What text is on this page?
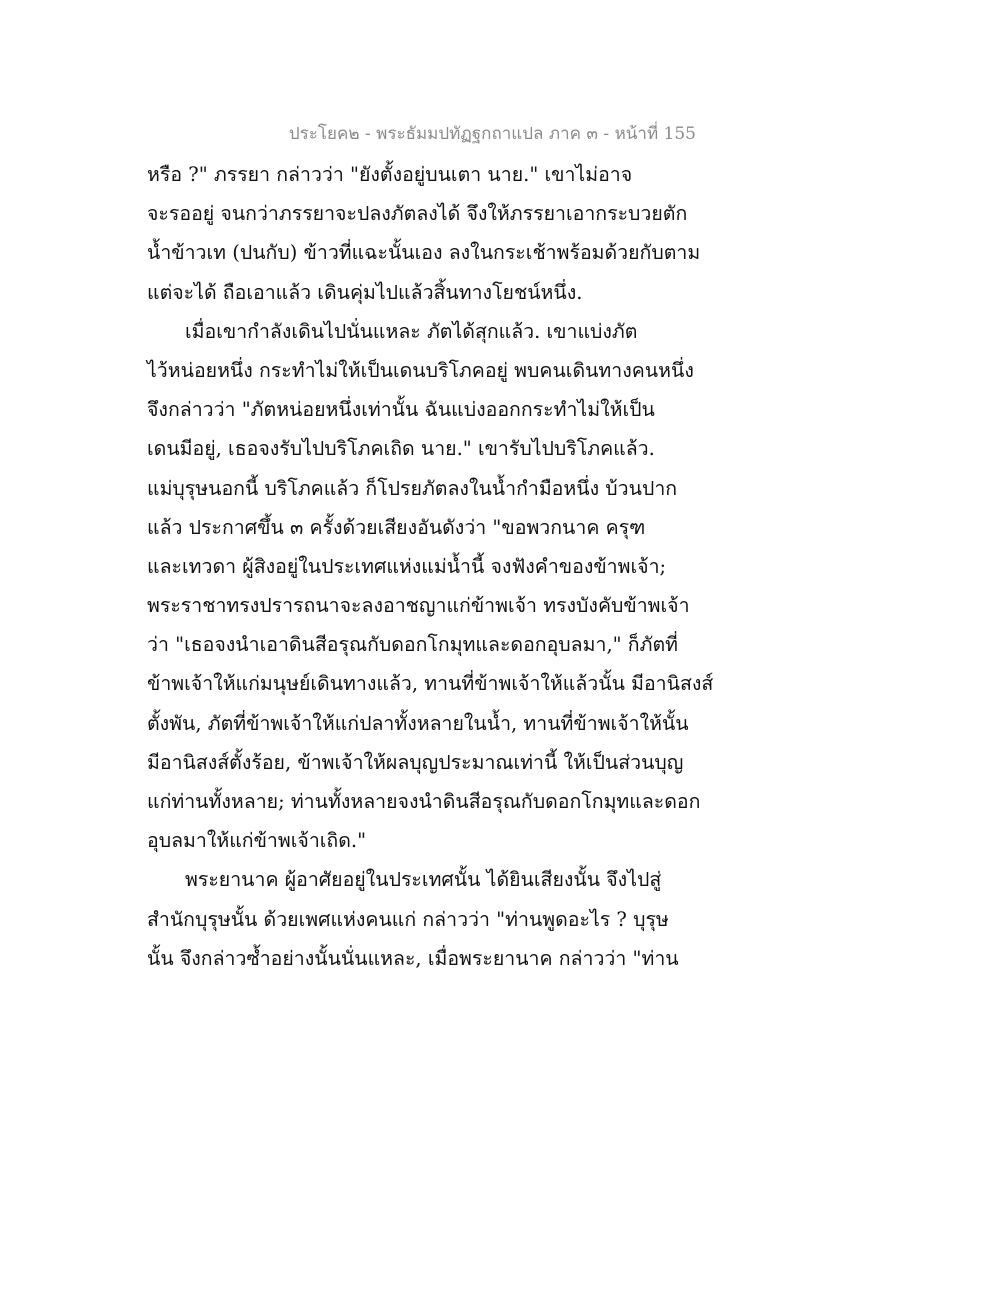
ประโยค๒ - พระธัมมปทัฏฐกถาแปล ภาค ๓ - หน้าที่ 155
หรือ ?" ภรรยา กล่าวว่า "ยังตั้งอยู่บนเตา นาย." เขาไม่อาจ
จะรออยู่ จนกว่าภรรยาจะปลงภัตลงได้ จึงให้ภรรยาเอากระบวยตัก
น้ำข้าวเท (ปนกับ) ข้าวที่แฉะนั้นเอง ลงในกระเช้าพร้อมด้วยกับตาม
แต่จะได้ ถือเอาแล้ว เดินคุ่มไปแล้วสิ้นทางโยชน์หนึ่ง.
เมื่อเขากำลังเดินไปนั่นแหละ ภัตได้สุกแล้ว. เขาแบ่งภัต
ไว้หน่อยหนึ่ง กระทำไม่ให้เป็นเดนบริโภคอยู่ พบคนเดินทางคนหนึ่ง
จึงกล่าวว่า "ภัตหน่อยหนึ่งเท่านั้น ฉันแบ่งออกกระทำไม่ให้เป็น
เดนมีอยู่, เธอจงรับไปบริโภคเถิด นาย." เขารับไปบริโภคแล้ว.
แม่บุรุษนอกนี้ บริโภคแล้ว ก็โปรยภัตลงในน้ำกำมือหนึ่ง บ้วนปาก
แล้ว ประกาศขึ้น ๓ ครั้งด้วยเสียงอันดังว่า "ขอพวกนาค ครุฑ
และเทวดา ผู้สิงอยู่ในประเทศแห่งแม่น้ำนี้ จงฟังคำของข้าพเจ้า;
พระราชาทรงปรารถนาจะลงอาชญาแก่ข้าพเจ้า ทรงบังคับข้าพเจ้า
ว่า "เธอจงนำเอาดินสีอรุณกับดอกโกมุทและดอกอุบลมา," ก็ภัตที่
ข้าพเจ้าให้แก่มนุษย์เดินทางแล้ว, ทานที่ข้าพเจ้าให้แล้วนั้น มีอานิสงส์
ตั้งพัน, ภัตที่ข้าพเจ้าให้แก่ปลาทั้งหลายในน้ำ, ทานที่ข้าพเจ้าให้นั้น
มีอานิสงส์ตั้งร้อย, ข้าพเจ้าให้ผลบุญประมาณเท่านี้ ให้เป็นส่วนบุญ
แก่ท่านทั้งหลาย; ท่านทั้งหลายจงนำดินสีอรุณกับดอกโกมุทและดอก
อุบลมาให้แก่ข้าพเจ้าเถิด."
พระยานาค ผู้อาศัยอยู่ในประเทศนั้น ได้ยินเสียงนั้น จึงไปสู่
สำนักบุรุษนั้น ด้วยเพศแห่งคนแก่ กล่าวว่า "ท่านพูดอะไร ? บุรุษ
นั้น จึงกล่าวซ้ำอย่างนั้นนั่นแหละ, เมื่อพระยานาค กล่าวว่า "ท่าน
